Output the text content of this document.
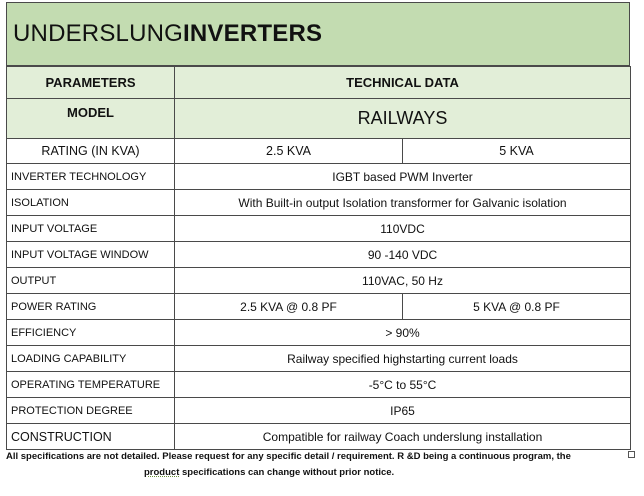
UNDERSLUNG INVERTERS
PARAMETERS	TECHNICAL DATA	
MODEL	RAILWAYS	
RATING (IN KVA)	2.5 KVA	5 KVA
INVERTER TECHNOLOGY	IGBT based PWM Inverter	
ISOLATION	With Built-in output Isolation transformer for Galvanic isolation	
INPUT VOLTAGE	110VDC	
INPUT VOLTAGE WINDOW	90 -140 VDC	
OUTPUT	110VAC, 50 Hz	
POWER RATING	2.5 KVA @ 0.8 PF	5 KVA @ 0.8 PF
EFFICIENCY	> 90%	
LOADING CAPABILITY	Railway specified highstarting current loads	
OPERATING TEMPERATURE	-5°C to 55°C	
PROTECTION DEGREE	IP65	
CONSTRUCTION	Compatible for railway Coach underslung installation	
All specifications are not detailed. Please request for any specific detail / requirement. R &D being a continuous program, the
product specifications can change without prior notice.
